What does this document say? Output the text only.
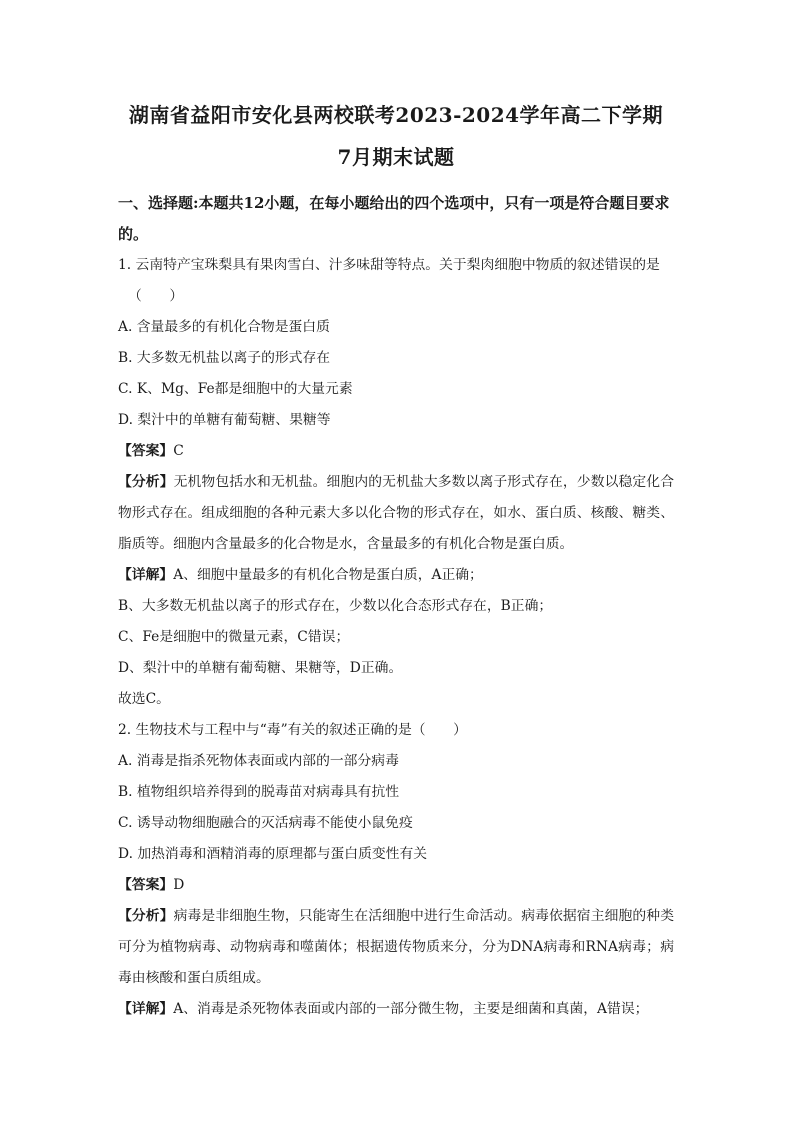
湖南省益阳市安化县两校联考2023-2024学年高二下学期
7月期末试题
一、选择题:本题共12小题，在每小题给出的四个选项中，只有一项是符合题目要求的。

1. 云南特产宝珠梨具有果肉雪白、汁多味甜等特点。关于梨肉细胞中物质的叙述错误的是

（　　）

A. 含量最多的有机化合物是蛋白质

B. 大多数无机盐以离子的形式存在

C. K、Mg、Fe都是细胞中的大量元素

D. 梨汁中的单糖有葡萄糖、果糖等

【答案】C

【分析】无机物包括水和无机盐。细胞内的无机盐大多数以离子形式存在，少数以稳定化合物形式存在。组成细胞的各种元素大多以化合物的形式存在，如水、蛋白质、核酸、糖类、脂质等。细胞内含量最多的化合物是水，含量最多的有机化合物是蛋白质。

【详解】A、细胞中量最多的有机化合物是蛋白质，A正确；

B、大多数无机盐以离子的形式存在，少数以化合态形式存在，B正确；

C、Fe是细胞中的微量元素，C错误；

D、梨汁中的单糖有葡萄糖、果糖等，D正确。

故选C。

2. 生物技术与工程中与“毒”有关的叙述正确的是（　　）

A. 消毒是指杀死物体表面或内部的一部分病毒

B. 植物组织培养得到的脱毒苗对病毒具有抗性

C. 诱导动物细胞融合的灭活病毒不能使小鼠免疫

D. 加热消毒和酒精消毒的原理都与蛋白质变性有关

【答案】D

【分析】病毒是非细胞生物，只能寄生在活细胞中进行生命活动。病毒依据宿主细胞的种类可分为植物病毒、动物病毒和噬菌体；根据遗传物质来分，分为DNA病毒和RNA病毒；病毒由核酸和蛋白质组成。

【详解】A、消毒是杀死物体表面或内部的一部分微生物，主要是细菌和真菌，A错误；
